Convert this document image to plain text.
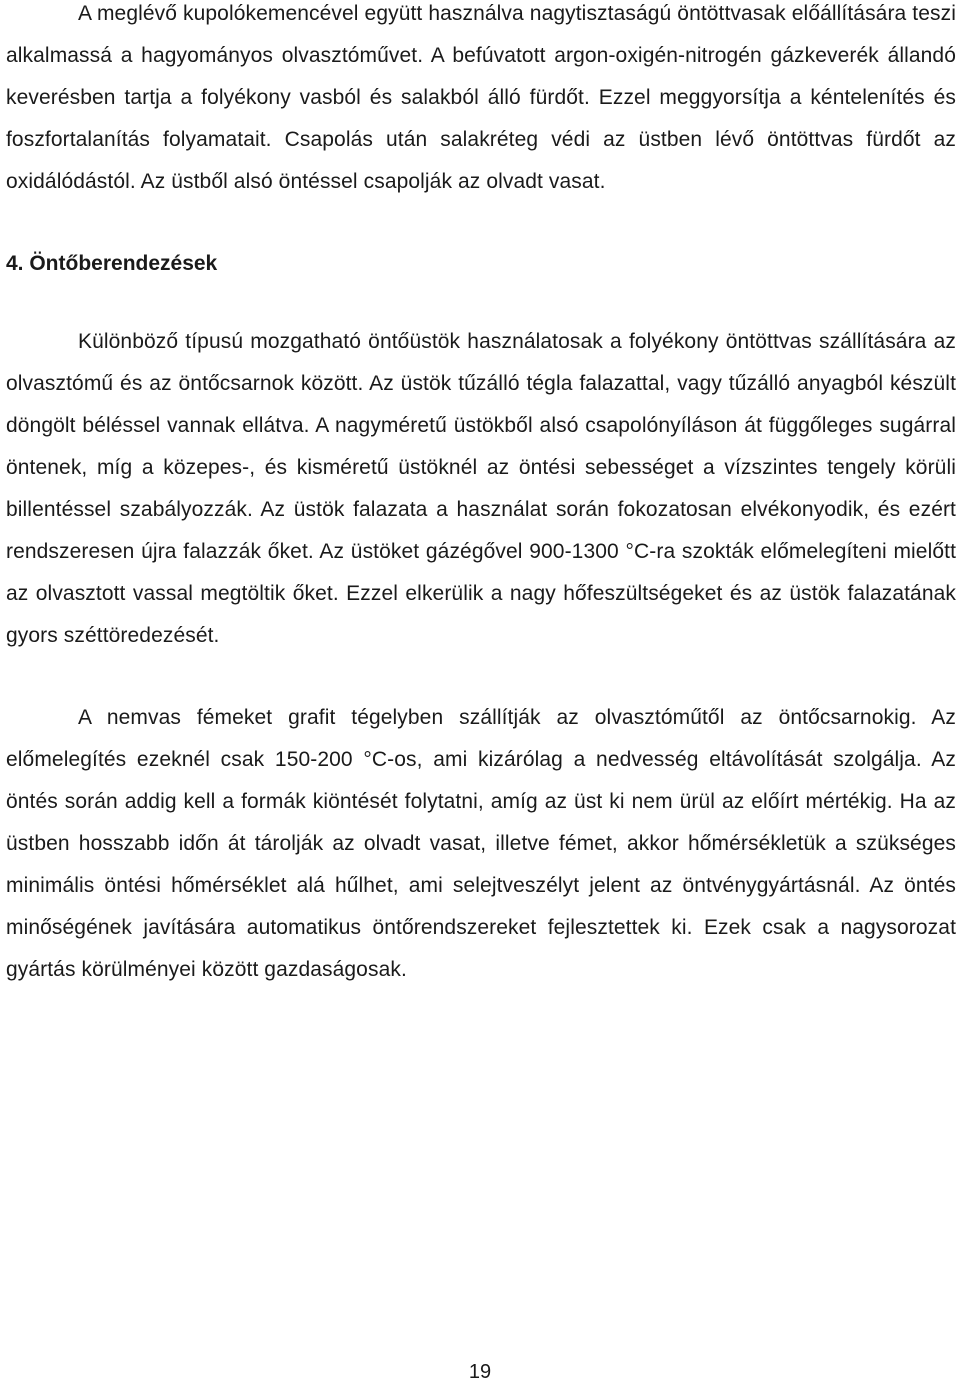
A meglévő kupolókemencével együtt használva nagytisztaságú öntöttvasak előállítására teszi alkalmassá a hagyományos olvasztóművet. A befúvatott argon-oxigén-nitrogén gázkeverék állandó keverésben tartja a folyékony vasból és salakból álló fürdőt. Ezzel meggyorsítja a kéntelenítés és foszfortalanítás folyamatait. Csapolás után salakréteg védi az üstben lévő öntöttvas fürdőt az oxidálódástól. Az üstből alsó öntéssel csapolják az olvadt vasat.

4. Öntőberendezések

Különböző típusú mozgatható öntőüstök használatosak a folyékony öntöttvas szállítására az olvasztómű és az öntőcsarnok között. Az üstök tűzálló tégla falazattal, vagy tűzálló anyagból készült döngölt béléssel vannak ellátva. A nagyméretű üstökből alsó csapolónyíláson át függőleges sugárral öntenek, míg a közepes-, és kisméretű üstöknél az öntési sebességet a vízszintes tengely körüli billentéssel szabályozzák. Az üstök falazata a használat során fokozatosan elvékonyodik, és ezért rendszeresen újra falazzák őket. Az üstöket gázégővel 900-1300 °C-ra szokták előmelegíteni mielőtt az olvasztott vassal megtöltik őket. Ezzel elkerülik a nagy hőfeszültségeket és az üstök falazatának gyors széttöredezését.

A nemvas fémeket grafit tégelyben szállítják az olvasztóműtől az öntőcsarnokig. Az előmelegítés ezeknél csak 150-200 °C-os, ami kizárólag a nedvesség eltávolítását szolgálja. Az öntés során addig kell a formák kiöntését folytatni, amíg az üst ki nem ürül az előírt mértékig. Ha az üstben hosszabb időn át tárolják az olvadt vasat, illetve fémet, akkor hőmérsékletük a szükséges minimális öntési hőmérséklet alá hűlhet, ami selejtveszélyt jelent az öntvénygyártásnál. Az öntés minőségének javítására automatikus öntőrendszereket fejlesztettek ki. Ezek csak a nagysorozat gyártás körülményei között gazdaságosak.

19
